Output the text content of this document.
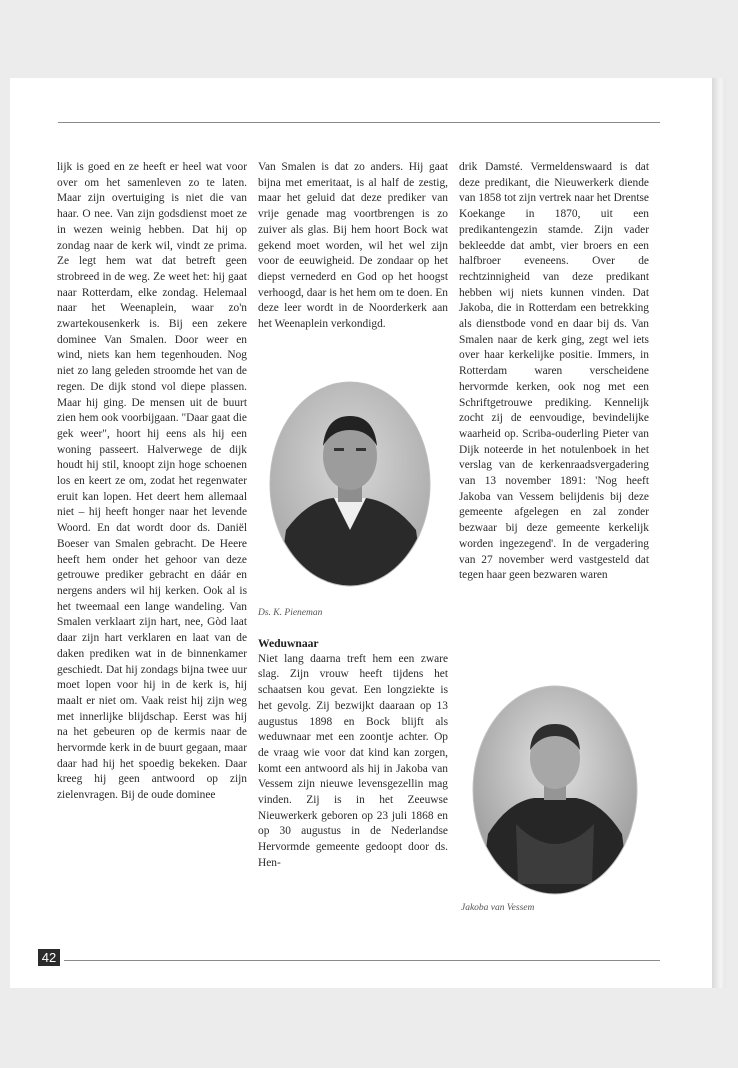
lijk is goed en ze heeft er heel wat voor over om het samenleven zo te laten. Maar zijn overtuiging is niet die van haar. O nee. Van zijn godsdienst moet ze in wezen weinig hebben. Dat hij op zondag naar de kerk wil, vindt ze prima. Ze legt hem wat dat betreft geen strobreed in de weg. Ze weet het: hij gaat naar Rotterdam, elke zondag. Helemaal naar het Weenaplein, waar zo'n zwartekousenkerk is. Bij een zekere dominee Van Smalen. Door weer en wind, niets kan hem tegenhouden. Nog niet zo lang geleden stroomde het van de regen. De dijk stond vol diepe plassen. Maar hij ging. De mensen uit de buurt zien hem ook voorbijgaan. "Daar gaat die gek weer", hoort hij eens als hij een woning passeert. Halverwege de dijk houdt hij stil, knoopt zijn hoge schoenen los en keert ze om, zodat het regenwater eruit kan lopen. Het deert hem allemaal niet – hij heeft honger naar het levende Woord. En dat wordt door ds. Daniël Boeser van Smalen gebracht. De Heere heeft hem onder het gehoor van deze getrouwe prediker gebracht en dáár en nergens anders wil hij kerken. Ook al is het tweemaal een lange wandeling. Van Smalen verklaart zijn hart, nee, Gòd laat daar zijn hart verklaren en laat van de daken prediken wat in de binnenkamer geschiedt. Dat hij zondags bijna twee uur moet lopen voor hij in de kerk is, hij maalt er niet om. Vaak reist hij zijn weg met innerlijke blijdschap. Eerst was hij na het gebeuren op de kermis naar de hervormde kerk in de buurt gegaan, maar daar had hij het spoedig bekeken. Daar kreeg hij geen antwoord op zijn zielenvragen. Bij de oude dominee

Van Smalen is dat zo anders. Hij gaat bijna met emeritaat, is al half de zestig, maar het geluid dat deze prediker van vrije genade mag voortbrengen is zo zuiver als glas. Bij hem hoort Bock wat gekend moet worden, wil het wel zijn voor de eeuwigheid. De zondaar op het diepst vernederd en God op het hoogst verhoogd, daar is het hem om te doen. En deze leer wordt in de Noorderkerk aan het Weenaplein verkondigd.

Ds. K. Pieneman
Weduwnaar

Niet lang daarna treft hem een zware slag. Zijn vrouw heeft tijdens het schaatsen kou gevat. Een longziekte is het gevolg. Zij bezwijkt daaraan op 13 augustus 1898 en Bock blijft als weduwnaar met een zoontje achter. Op de vraag wie voor dat kind kan zorgen, komt een antwoord als hij in Jakoba van Vessem zijn nieuwe levensgezellin mag vinden. Zij is in het Zeeuwse Nieuwerkerk geboren op 23 juli 1868 en op 30 augustus in de Nederlandse Hervormde gemeente gedoopt door ds. Hen-

drik Damsté. Vermeldenswaard is dat deze predikant, die Nieuwerkerk diende van 1858 tot zijn vertrek naar het Drentse Koekange in 1870, uit een predikantengezin stamde. Zijn vader bekleedde dat ambt, vier broers en een halfbroer eveneens. Over de rechtzinnigheid van deze predikant hebben wij niets kunnen vinden. Dat Jakoba, die in Rotterdam een betrekking als dienstbode vond en daar bij ds. Van Smalen naar de kerk ging, zegt wel iets over haar kerkelijke positie. Immers, in Rotterdam waren verscheidene hervormde kerken, ook nog met een Schriftgetrouwe prediking. Kennelijk zocht zij de eenvoudige, bevindelijke waarheid op. Scriba-ouderling Pieter van Dijk noteerde in het notulenboek in het verslag van de kerkenraadsvergadering van 13 november 1891: 'Nog heeft Jakoba van Vessem belijdenis bij deze gemeente afgelegen en zal zonder bezwaar bij deze gemeente kerkelijk worden ingezegend'. In de vergadering van 27 november werd vastgesteld dat tegen haar geen bezwaren waren

Jakoba van Vessem
42
